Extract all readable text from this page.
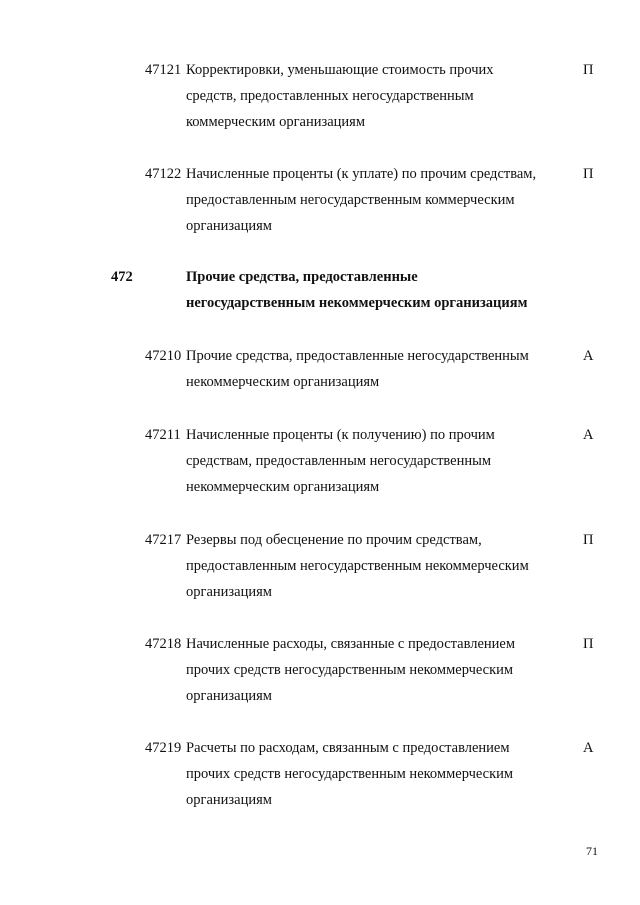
47121 Корректировки, уменьшающие стоимость прочих
средств, предоставленных негосударственным
коммерческим организациям
П
47122 Начисленные проценты (к уплате) по прочим средствам,
предоставленным негосударственным коммерческим
организациям
П
472	Прочие средства, предоставленные
негосударственным некоммерческим организациям
47210 Прочие средства, предоставленные негосударственным
некоммерческим организациям
А
47211 Начисленные проценты (к получению) по прочим
средствам, предоставленным негосударственным
некоммерческим организациям
А
47217 Резервы под обесценение по прочим средствам,
предоставленным негосударственным некоммерческим
организациям
П
47218 Начисленные расходы, связанные с предоставлением
прочих средств негосударственным некоммерческим
организациям
П
47219 Расчеты по расходам, связанным с предоставлением
прочих средств негосударственным некоммерческим
организациям
А
71
